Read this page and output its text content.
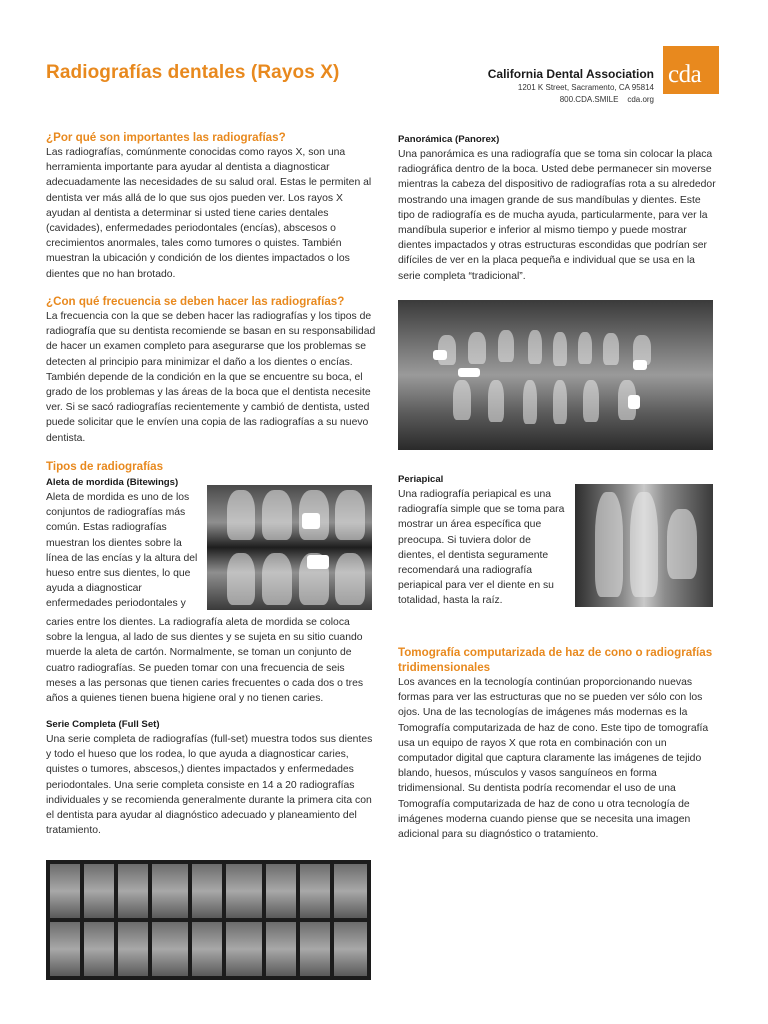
Radiografías dentales (Rayos X)	California Dental Association
1201 K Street, Sacramento, CA 95814
800.CDA.SMILE    cda.org
cda
¿Por qué son importantes las radiografías?

Las radiografías, comúnmente conocidas como rayos X, son una herramienta importante para ayudar al dentista a diagnosticar adecuadamente las necesidades de su salud oral. Estas le permiten al dentista ver más allá de lo que sus ojos pueden ver. Los rayos X ayudan al dentista a determinar si usted tiene caries dentales (cavidades), enfermedades periodontales (encías), abscesos o crecimientos anormales, tales como tumores o quistes. También muestran la ubicación y condición de los dientes impactados o los dientes que no han brotado.

¿Con qué frecuencia se deben hacer las radiografías?

La frecuencia con la que se deben hacer las radiografías y los tipos de radiografía que su dentista recomiende se basan en su responsabilidad de hacer un examen completo para asegurarse que los problemas se detecten al principio para minimizar el daño a los dientes o encías. También depende de la condición en la que se encuentre su boca, el grado de los problemas y las áreas de la boca que el dentista necesite ver. Si se sacó radiografías recientemente y cambió de dentista, usted puede solicitar que le envíen una copia de las radiografías a su nuevo dentista.

Tipos de radiografías
Aleta de mordida (Bitewings)

Aleta de mordida es uno de los conjuntos de radiografías más común. Estas radiografías muestran los dientes sobre la línea de las encías y la altura del hueso entre sus dientes, lo que ayuda a diagnosticar enfermedades periodontales y

caries entre los dientes. La radiografía aleta de mordida se coloca sobre la lengua, al lado de sus dientes y se sujeta en su sitio cuando muerde la aleta de cartón. Normalmente, se toman un conjunto de cuatro radiografías. Se pueden tomar con una frecuencia de seis meses a las personas que tienen caries frecuentes o cada dos o tres años a quienes tienen buena higiene oral y no tienen caries.

Serie Completa (Full Set)

Una serie completa de radiografías (full-set) muestra todos sus dientes y todo el hueso que los rodea, lo que ayuda a diagnosticar caries, quistes o tumores, abscesos,) dientes impactados y enfermedades periodontales. Una serie completa consiste en 14 a 20 radiografías individuales y se recomienda generalmente durante la primera cita con el dentista para ayudar al diagnóstico adecuado y planeamiento del tratamiento.

Panorámica (Panorex)

Una panorámica es una radiografía que se toma sin colocar la placa radiográfica dentro de la boca. Usted debe permanecer sin moverse mientras la cabeza del dispositivo de radiografías rota a su alrededor mostrando una imagen grande de sus mandíbulas y dientes. Este tipo de radiografía es de mucha ayuda, particularmente, para ver la mandíbula superior e inferior al mismo tiempo y puede mostrar dientes impactados y otras estructuras escondidas que podrían ser difíciles de ver en la placa pequeña e individual que se usa en la serie completa “tradicional”.

Periapical

Una radiografía periapical es una radiografía simple que se toma para mostrar un área específica que preocupa. Si tuviera dolor de dientes, el dentista seguramente recomendará una radiografía periapical para ver el diente en su totalidad, hasta la raíz.

Tomografía computarizada de haz de cono o radiografías tridimensionales

Los avances en la tecnología continúan proporcionando nuevas formas para ver las estructuras que no se pueden ver sólo con los ojos. Una de las tecnologías de imágenes más modernas es la Tomografía computarizada de haz de cono. Este tipo de tomografía usa un equipo de rayos X que rota en combinación con un computador digital que captura claramente las imágenes de tejido blando, huesos, músculos y vasos sanguíneos en forma tridimensional. Su dentista podría recomendar el uso de una Tomografía computarizada de haz de cono u otra tecnología de imágenes moderna cuando piense que se necesita una imagen adicional para su diagnóstico o tratamiento.
